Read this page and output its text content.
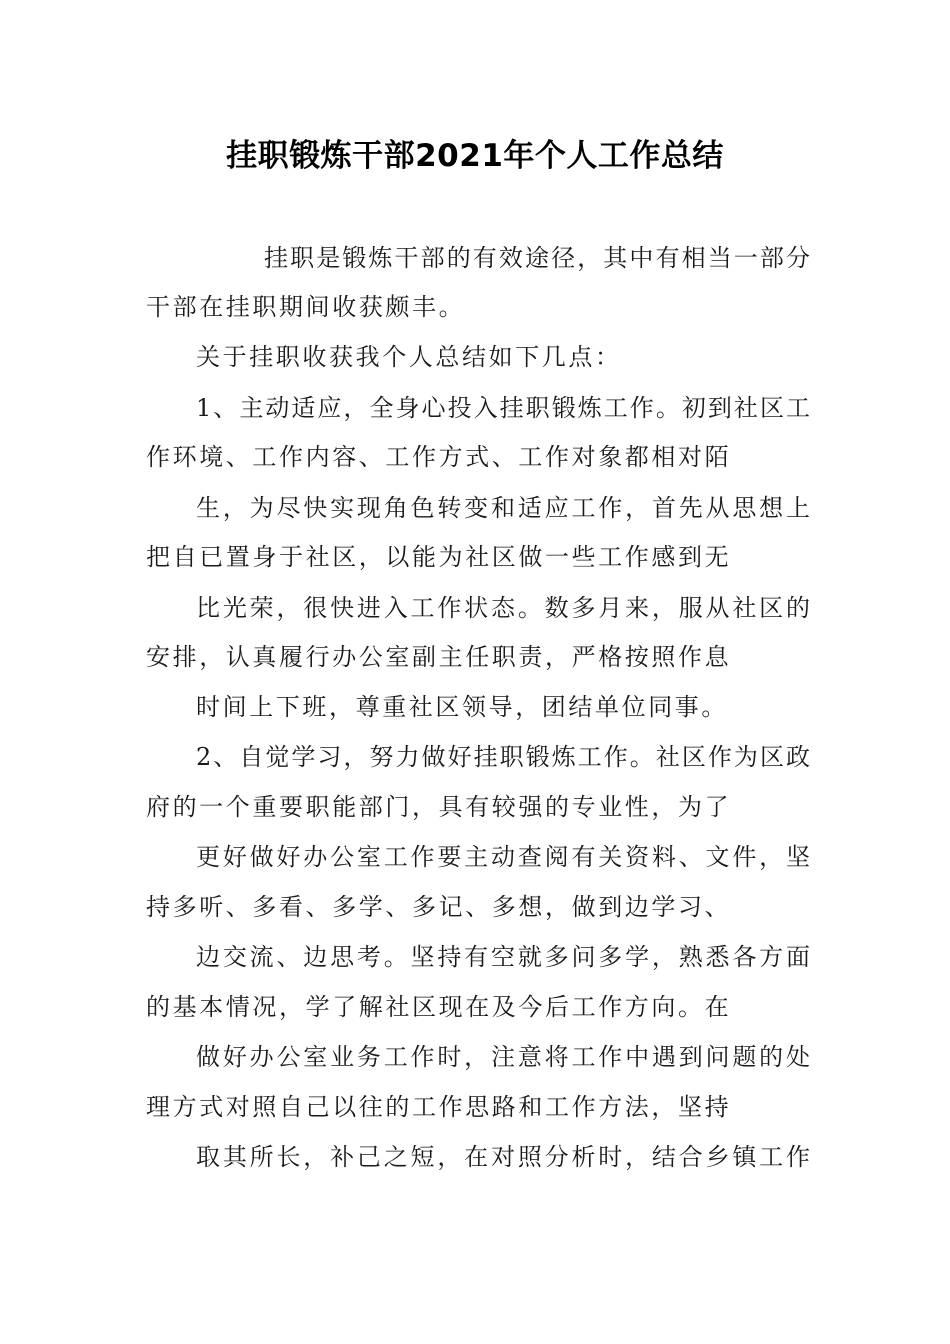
挂职锻炼干部2021年个人工作总结
挂职是锻炼干部的有效途径，其中有相当一部分
干部在挂职期间收获颇丰。
关于挂职收获我个人总结如下几点：
1、主动适应，全身心投入挂职锻炼工作。初到社区工
作环境、工作内容、工作方式、工作对象都相对陌
生，为尽快实现角色转变和适应工作，首先从思想上
把自已置身于社区，以能为社区做一些工作感到无
比光荣，很快进入工作状态。数多月来，服从社区的
安排，认真履行办公室副主任职责，严格按照作息
时间上下班，尊重社区领导，团结单位同事。
2、自觉学习，努力做好挂职锻炼工作。社区作为区政
府的一个重要职能部门，具有较强的专业性，为了
更好做好办公室工作要主动查阅有关资料、文件，坚
持多听、多看、多学、多记、多想，做到边学习、
边交流、边思考。坚持有空就多问多学，熟悉各方面
的基本情况，学了解社区现在及今后工作方向。在
做好办公室业务工作时，注意将工作中遇到问题的处
理方式对照自己以往的工作思路和工作方法，坚持
取其所长，补己之短，在对照分析时，结合乡镇工作
